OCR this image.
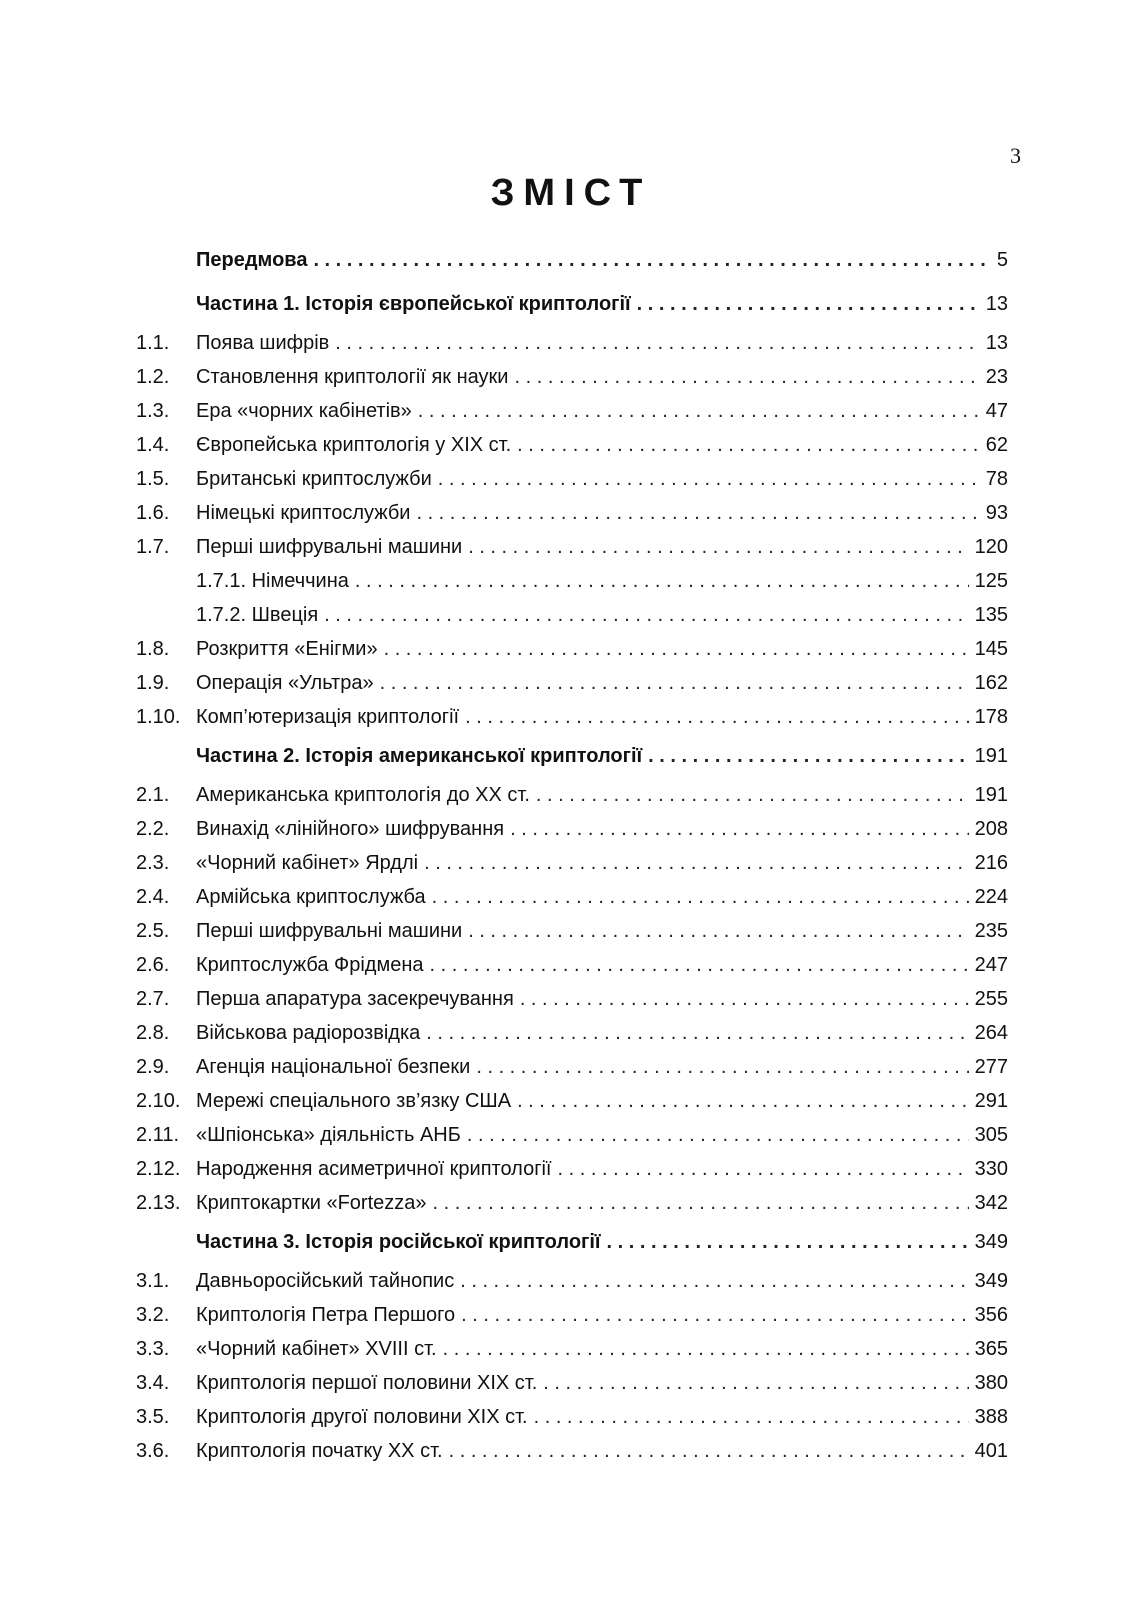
3
ЗМІСТ
Передмова . . .	5
Частина 1. Історія європейської криптології . . .	13
1.1.	Поява шифрів . . .	13
1.2.	Становлення криптології як науки . . .	23
1.3.	Ера «чорних кабінетів» . . .	47
1.4.	Європейська криптологія у ХІХ ст. . . .	62
1.5.	Британські криптослужби . . .	78
1.6.	Німецькі криптослужби . . .	93
1.7.	Перші шифрувальні машини . . .	120
1.7.1. Німеччина . . .	125
1.7.2. Швеція . . .	135
1.8.	Розкриття «Енігми» . . .	145
1.9.	Операція «Ультра» . . .	162
1.10. Комп’ютеризація криптології . . .	178
Частина 2. Історія американської криптології . . .	191
2.1.	Американська криптологія до ХХ ст. . . .	191
2.2.	Винахід «лінійного» шифрування . . .	208
2.3.	«Чорний кабінет» Ярдлі . . .	216
2.4.	Армійська криптослужба . . .	224
2.5.	Перші шифрувальні машини . . .	235
2.6.	Криптослужба Фрідмена . . .	247
2.7.	Перша апаратура засекречування . . .	255
2.8.	Військова радіорозвідка . . .	264
2.9.	Агенція національної безпеки . . .	277
2.10. Мережі спеціального зв’язку США . . .	291
2.11. «Шпіонська» діяльність АНБ . . .	305
2.12. Народження асиметричної криптології . . .	330
2.13. Криптокартки «Fortezza» . . .	342
Частина 3. Історія російської криптології . . .	349
3.1.	Давньоросійський тайнопис . . .	349
3.2.	Криптологія Петра Першого . . .	356
3.3.	«Чорний кабінет» XVIII ст. . . .	365
3.4.	Криптологія першої половини ХІХ ст. . . .	380
3.5.	Криптологія другої половини ХІХ ст. . . .	388
3.6.	Криптологія початку ХХ ст. . . .	401
